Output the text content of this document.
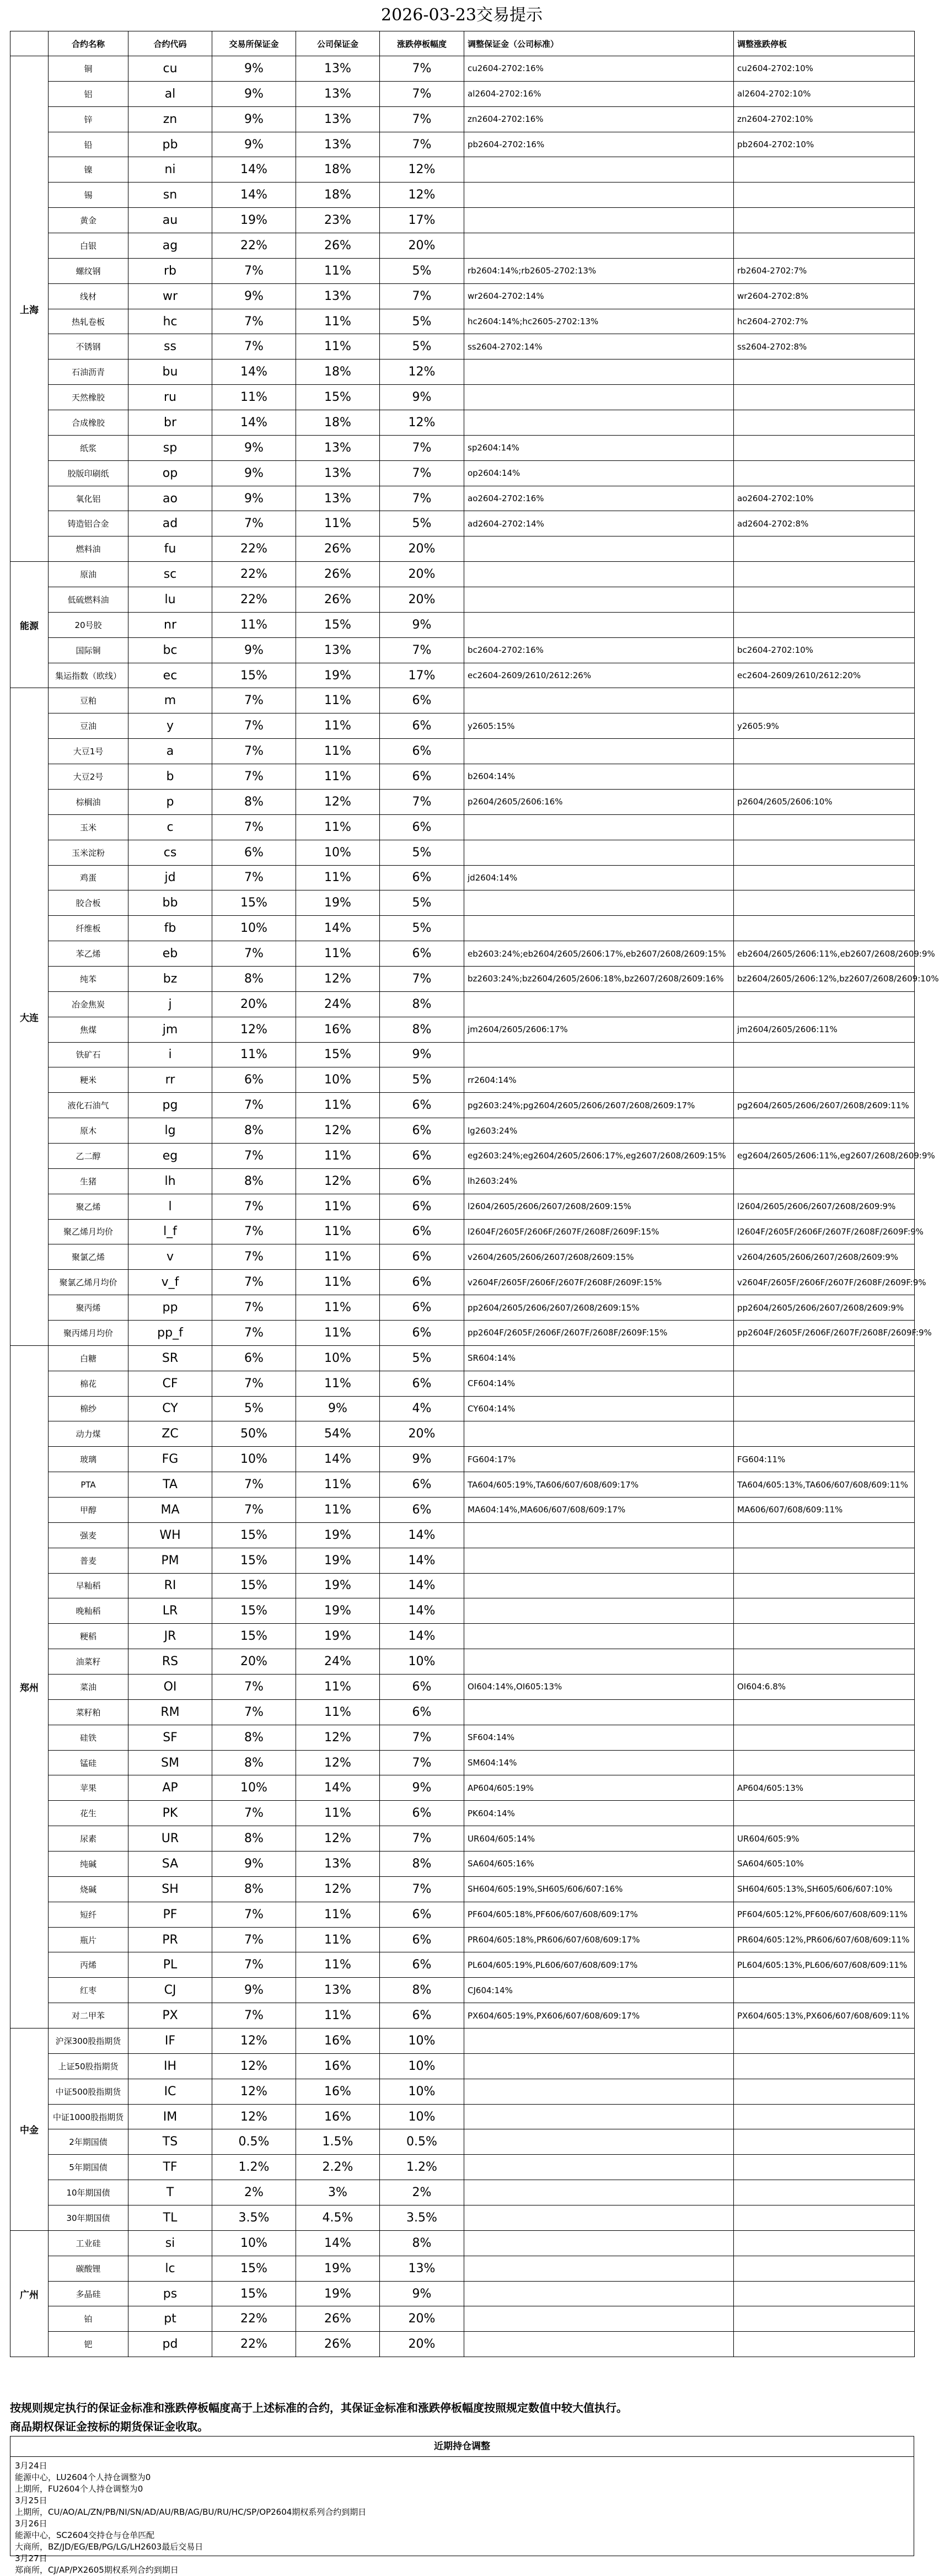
2026-03-23交易提示
	合约名称	合约代码	交易所保证金	公司保证金	涨跌停板幅度	调整保证金（公司标准）	调整涨跌停板
上海	铜	cu	9%	13%	7%	cu2604-2702:16%	cu2604-2702:10%
	铝	al	9%	13%	7%	al2604-2702:16%	al2604-2702:10%
	锌	zn	9%	13%	7%	zn2604-2702:16%	zn2604-2702:10%
	铅	pb	9%	13%	7%	pb2604-2702:16%	pb2604-2702:10%
	镍	ni	14%	18%	12%		
	锡	sn	14%	18%	12%		
	黄金	au	19%	23%	17%		
	白银	ag	22%	26%	20%		
	螺纹钢	rb	7%	11%	5%	rb2604:14%;rb2605-2702:13%	rb2604-2702:7%
	线材	wr	9%	13%	7%	wr2604-2702:14%	wr2604-2702:8%
	热轧卷板	hc	7%	11%	5%	hc2604:14%;hc2605-2702:13%	hc2604-2702:7%
	不锈钢	ss	7%	11%	5%	ss2604-2702:14%	ss2604-2702:8%
	石油沥青	bu	14%	18%	12%		
	天然橡胶	ru	11%	15%	9%		
	合成橡胶	br	14%	18%	12%		
	纸浆	sp	9%	13%	7%	sp2604:14%	
	胶版印刷纸	op	9%	13%	7%	op2604:14%	
	氧化铝	ao	9%	13%	7%	ao2604-2702:16%	ao2604-2702:10%
	铸造铝合金	ad	7%	11%	5%	ad2604-2702:14%	ad2604-2702:8%
	燃料油	fu	22%	26%	20%		
能源	原油	sc	22%	26%	20%		
	低硫燃料油	lu	22%	26%	20%		
	20号胶	nr	11%	15%	9%		
	国际铜	bc	9%	13%	7%	bc2604-2702:16%	bc2604-2702:10%
	集运指数（欧线）	ec	15%	19%	17%	ec2604-2609/2610/2612:26%	ec2604-2609/2610/2612:20%
大连	豆粕	m	7%	11%	6%		
	豆油	y	7%	11%	6%	y2605:15%	y2605:9%
	大豆1号	a	7%	11%	6%		
	大豆2号	b	7%	11%	6%	b2604:14%	
	棕榈油	p	8%	12%	7%	p2604/2605/2606:16%	p2604/2605/2606:10%
	玉米	c	7%	11%	6%		
	玉米淀粉	cs	6%	10%	5%		
	鸡蛋	jd	7%	11%	6%	jd2604:14%	
	胶合板	bb	15%	19%	5%		
	纤维板	fb	10%	14%	5%		
	苯乙烯	eb	7%	11%	6%	eb2603:24%;eb2604/2605/2606:17%,eb2607/2608/2609:15%	eb2604/2605/2606:11%,eb2607/2608/2609:9%
	纯苯	bz	8%	12%	7%	bz2603:24%;bz2604/2605/2606:18%,bz2607/2608/2609:16%	bz2604/2605/2606:12%,bz2607/2608/2609:10%
	冶金焦炭	j	20%	24%	8%		
	焦煤	jm	12%	16%	8%	jm2604/2605/2606:17%	jm2604/2605/2606:11%
	铁矿石	i	11%	15%	9%		
	粳米	rr	6%	10%	5%	rr2604:14%	
	液化石油气	pg	7%	11%	6%	pg2603:24%;pg2604/2605/2606/2607/2608/2609:17%	pg2604/2605/2606/2607/2608/2609:11%
	原木	lg	8%	12%	6%	lg2603:24%	
	乙二醇	eg	7%	11%	6%	eg2603:24%;eg2604/2605/2606:17%,eg2607/2608/2609:15%	eg2604/2605/2606:11%,eg2607/2608/2609:9%
	生猪	lh	8%	12%	6%	lh2603:24%	
	聚乙烯	l	7%	11%	6%	l2604/2605/2606/2607/2608/2609:15%	l2604/2605/2606/2607/2608/2609:9%
	聚乙烯月均价	l_f	7%	11%	6%	l2604F/2605F/2606F/2607F/2608F/2609F:15%	l2604F/2605F/2606F/2607F/2608F/2609F:9%
	聚氯乙烯	v	7%	11%	6%	v2604/2605/2606/2607/2608/2609:15%	v2604/2605/2606/2607/2608/2609:9%
	聚氯乙烯月均价	v_f	7%	11%	6%	v2604F/2605F/2606F/2607F/2608F/2609F:15%	v2604F/2605F/2606F/2607F/2608F/2609F:9%
	聚丙烯	pp	7%	11%	6%	pp2604/2605/2606/2607/2608/2609:15%	pp2604/2605/2606/2607/2608/2609:9%
	聚丙烯月均价	pp_f	7%	11%	6%	pp2604F/2605F/2606F/2607F/2608F/2609F:15%	pp2604F/2605F/2606F/2607F/2608F/2609F:9%
郑州	白糖	SR	6%	10%	5%	SR604:14%	
	棉花	CF	7%	11%	6%	CF604:14%	
	棉纱	CY	5%	9%	4%	CY604:14%	
	动力煤	ZC	50%	54%	20%		
	玻璃	FG	10%	14%	9%	FG604:17%	FG604:11%
	PTA	TA	7%	11%	6%	TA604/605:19%,TA606/607/608/609:17%	TA604/605:13%,TA606/607/608/609:11%
	甲醇	MA	7%	11%	6%	MA604:14%,MA606/607/608/609:17%	MA606/607/608/609:11%
	强麦	WH	15%	19%	14%		
	普麦	PM	15%	19%	14%		
	早籼稻	RI	15%	19%	14%		
	晚籼稻	LR	15%	19%	14%		
	粳稻	JR	15%	19%	14%		
	油菜籽	RS	20%	24%	10%		
	菜油	OI	7%	11%	6%	OI604:14%,OI605:13%	OI604:6.8%
	菜籽粕	RM	7%	11%	6%		
	硅铁	SF	8%	12%	7%	SF604:14%	
	锰硅	SM	8%	12%	7%	SM604:14%	
	苹果	AP	10%	14%	9%	AP604/605:19%	AP604/605:13%
	花生	PK	7%	11%	6%	PK604:14%	
	尿素	UR	8%	12%	7%	UR604/605:14%	UR604/605:9%
	纯碱	SA	9%	13%	8%	SA604/605:16%	SA604/605:10%
	烧碱	SH	8%	12%	7%	SH604/605:19%,SH605/606/607:16%	SH604/605:13%,SH605/606/607:10%
	短纤	PF	7%	11%	6%	PF604/605:18%,PF606/607/608/609:17%	PF604/605:12%,PF606/607/608/609:11%
	瓶片	PR	7%	11%	6%	PR604/605:18%,PR606/607/608/609:17%	PR604/605:12%,PR606/607/608/609:11%
	丙烯	PL	7%	11%	6%	PL604/605:19%,PL606/607/608/609:17%	PL604/605:13%,PL606/607/608/609:11%
	红枣	CJ	9%	13%	8%	CJ604:14%	
	对二甲苯	PX	7%	11%	6%	PX604/605:19%,PX606/607/608/609:17%	PX604/605:13%,PX606/607/608/609:11%
中金	沪深300股指期货	IF	12%	16%	10%		
	上证50股指期货	IH	12%	16%	10%		
	中证500股指期货	IC	12%	16%	10%		
	中证1000股指期货	IM	12%	16%	10%		
	2年期国债	TS	0.5%	1.5%	0.5%		
	5年期国债	TF	1.2%	2.2%	1.2%		
	10年期国债	T	2%	3%	2%		
	30年期国债	TL	3.5%	4.5%	3.5%		
广州	工业硅	si	10%	14%	8%		
	碳酸锂	lc	15%	19%	13%		
	多晶硅	ps	15%	19%	9%		
	铂	pt	22%	26%	20%		
	钯	pd	22%	26%	20%		
按规则规定执行的保证金标准和涨跌停板幅度高于上述标准的合约，其保证金标准和涨跌停板幅度按照规定数值中较大值执行。
商品期权保证金按标的期货保证金收取。
近期持仓调整
3月24日
能源中心，LU2604个人持仓调整为0
上期所，FU2604个人持仓调整为0
3月25日
上期所，CU/AO/AL/ZN/PB/NI/SN/AD/AU/RB/AG/BU/RU/HC/SP/OP2604期权系列合约到期日
3月26日
能源中心，SC2604交持仓与仓单匹配
大商所，BZ/JD/EG/EB/PG/LG/LH2603最后交易日
3月27日
郑商所，CJ/AP/PX2605期权系列合约到期日
